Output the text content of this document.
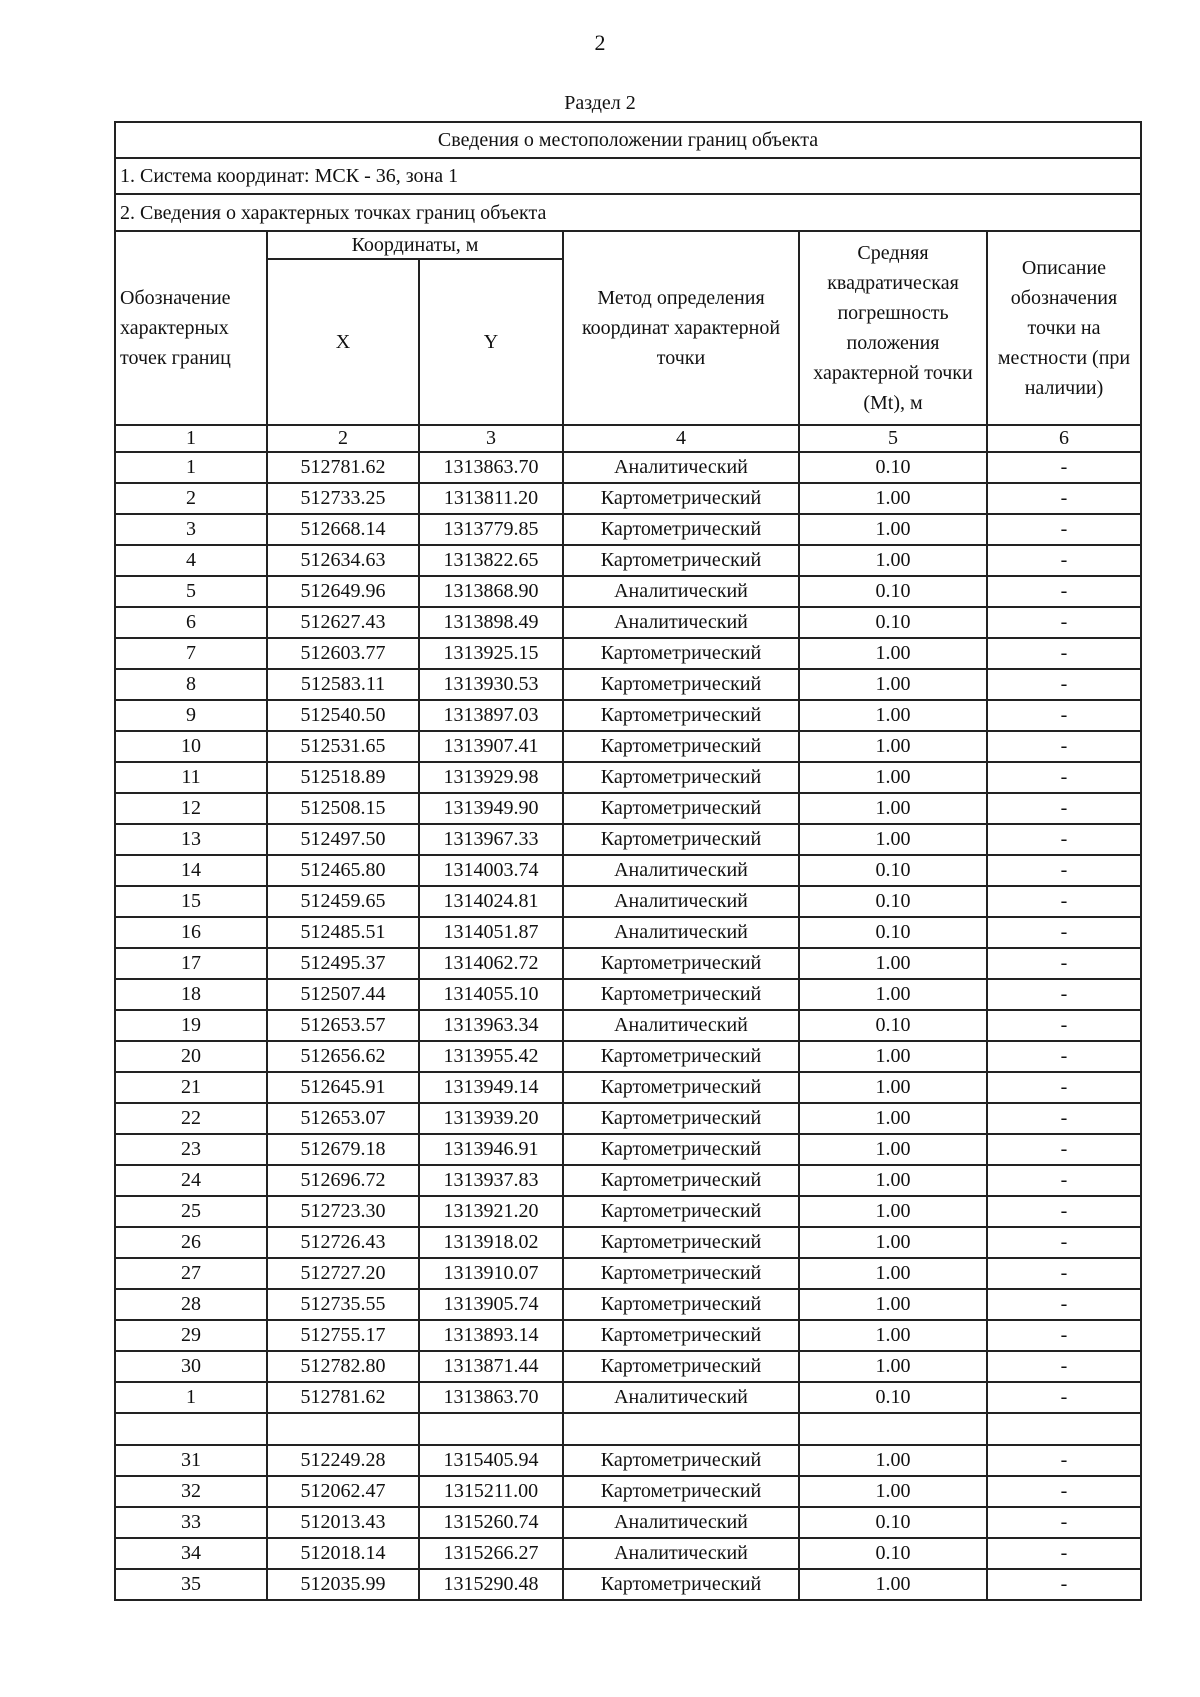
2
Раздел 2
Сведения о местоположении границ объекта					
1. Система координат: МСК - 36, зона 1					
2. Сведения о характерных точках границ объекта					
Обозначение характерных точек границ	Координаты, м		Метод определения координат характерной точки	Средняя квадратическая погрешность положения характерной точки (Mt), м	Описание обозначения точки на местности (при наличии)
	X	Y			
1	2	3	4	5	6
1	512781.62	1313863.70	Аналитический	0.10	-
2	512733.25	1313811.20	Картометрический	1.00	-
3	512668.14	1313779.85	Картометрический	1.00	-
4	512634.63	1313822.65	Картометрический	1.00	-
5	512649.96	1313868.90	Аналитический	0.10	-
6	512627.43	1313898.49	Аналитический	0.10	-
7	512603.77	1313925.15	Картометрический	1.00	-
8	512583.11	1313930.53	Картометрический	1.00	-
9	512540.50	1313897.03	Картометрический	1.00	-
10	512531.65	1313907.41	Картометрический	1.00	-
11	512518.89	1313929.98	Картометрический	1.00	-
12	512508.15	1313949.90	Картометрический	1.00	-
13	512497.50	1313967.33	Картометрический	1.00	-
14	512465.80	1314003.74	Аналитический	0.10	-
15	512459.65	1314024.81	Аналитический	0.10	-
16	512485.51	1314051.87	Аналитический	0.10	-
17	512495.37	1314062.72	Картометрический	1.00	-
18	512507.44	1314055.10	Картометрический	1.00	-
19	512653.57	1313963.34	Аналитический	0.10	-
20	512656.62	1313955.42	Картометрический	1.00	-
21	512645.91	1313949.14	Картометрический	1.00	-
22	512653.07	1313939.20	Картометрический	1.00	-
23	512679.18	1313946.91	Картометрический	1.00	-
24	512696.72	1313937.83	Картометрический	1.00	-
25	512723.30	1313921.20	Картометрический	1.00	-
26	512726.43	1313918.02	Картометрический	1.00	-
27	512727.20	1313910.07	Картометрический	1.00	-
28	512735.55	1313905.74	Картометрический	1.00	-
29	512755.17	1313893.14	Картометрический	1.00	-
30	512782.80	1313871.44	Картометрический	1.00	-
1	512781.62	1313863.70	Аналитический	0.10	-

31	512249.28	1315405.94	Картометрический	1.00	-
32	512062.47	1315211.00	Картометрический	1.00	-
33	512013.43	1315260.74	Аналитический	0.10	-
34	512018.14	1315266.27	Аналитический	0.10	-
35	512035.99	1315290.48	Картометрический	1.00	-
